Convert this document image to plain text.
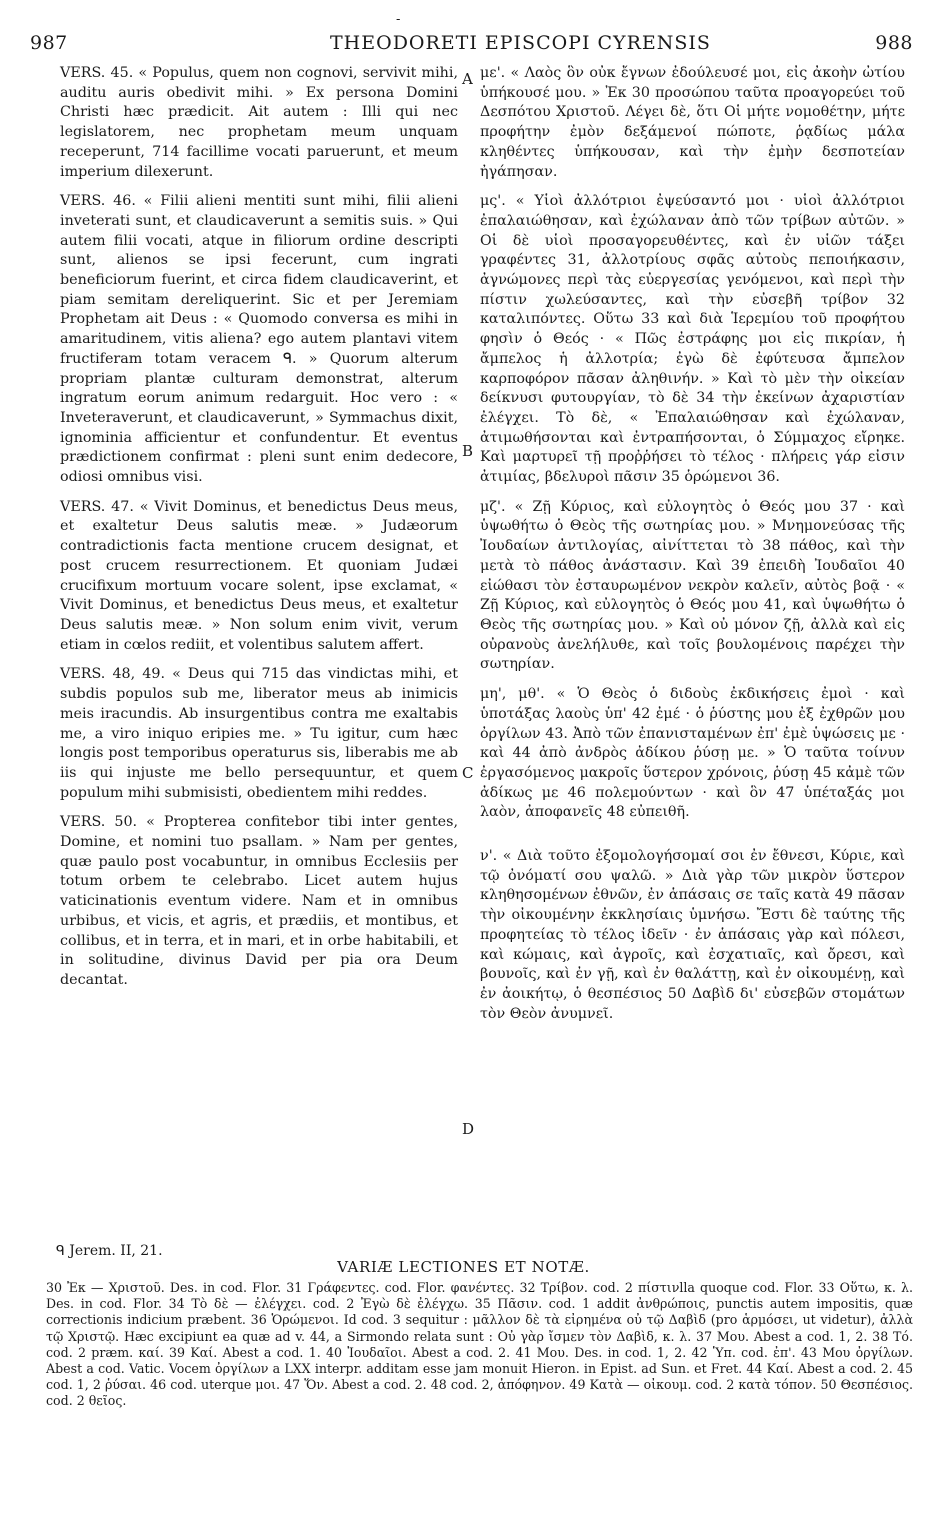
-
987	THEODORETI EPISCOPI CYRENSIS	988

VERS. 45. « Populus, quem non cognovi, servivit mihi, auditu auris obedivit mihi. » Ex persona Domini Christi hæc prædicit. Ait autem : Illi qui nec legislatorem, nec prophetam meum unquam receperunt, 714 facillime vocati paruerunt, et meum imperium dilexerunt.

VERS. 46. « Filii alieni mentiti sunt mihi, filii alieni inveterati sunt, et claudicaverunt a semitis suis. » Qui autem filii vocati, atque in filiorum ordine descripti sunt, alienos se ipsi fecerunt, cum ingrati beneficiorum fuerint, et circa fidem claudicaverint, et piam semitam dereliquerint. Sic et per Jeremiam Prophetam ait Deus : « Quomodo conversa es mihi in amaritudinem, vitis aliena? ego autem plantavi vitem fructiferam totam veracem ᑫ. » Quorum alterum propriam plantæ culturam demonstrat, alterum ingratum eorum animum redarguit. Hoc vero : « Inveteraverunt, et claudicaverunt, » Symmachus dixit, ignominia afficientur et confundentur. Et eventus prædictionem confirmat : pleni sunt enim dedecore, odiosi omnibus visi.

VERS. 47. « Vivit Dominus, et benedictus Deus meus, et exaltetur Deus salutis meæ. » Judæorum contradictionis facta mentione crucem designat, et post crucem resurrectionem. Et quoniam Judæi crucifixum mortuum vocare solent, ipse exclamat, « Vivit Dominus, et benedictus Deus meus, et exaltetur Deus salutis meæ. » Non solum enim vivit, verum etiam in cœlos rediit, et volentibus salutem affert.

VERS. 48, 49. « Deus qui 715 das vindictas mihi, et subdis populos sub me, liberator meus ab inimicis meis iracundis. Ab insurgentibus contra me exaltabis me, a viro iniquo eripies me. » Tu igitur, cum hæc longis post temporibus operaturus sis, liberabis me ab iis qui injuste me bello persequuntur, et quem populum mihi submisisti, obedientem mihi reddes.

VERS. 50. « Propterea confitebor tibi inter gentes, Domine, et nomini tuo psallam. » Nam per gentes, quæ paulo post vocabuntur, in omnibus Ecclesiis per totum orbem te celebrabo. Licet autem hujus vaticinationis eventum videre. Nam et in omnibus urbibus, et vicis, et agris, et prædiis, et montibus, et collibus, et in terra, et in mari, et in orbe habitabili, et in solitudine, divinus David per pia ora Deum decantat.

A
B
C
D

με'. « Λαὸς ὃν οὐκ ἔγνων ἐδούλευσέ μοι, εἰς ἀκοὴν ὠτίου ὑπήκουσέ μου. » Ἐκ 30 προσώπου ταῦτα προαγορεύει τοῦ Δεσπότου Χριστοῦ. Λέγει δὲ, ὅτι Οἱ μήτε νομοθέτην, μήτε προφήτην ἐμὸν δεξάμενοί πώποτε, ῥᾳδίως μάλα κληθέντες ὑπήκουσαν, καὶ τὴν ἐμὴν δεσποτείαν ἠγάπησαν.

μς'. « Υἱοὶ ἀλλότριοι ἐψεύσαντό μοι · υἱοὶ ἀλλότριοι ἐπαλαιώθησαν, καὶ ἐχώλαναν ἀπὸ τῶν τρίβων αὐτῶν. » Οἱ δὲ υἱοὶ προσαγορευθέντες, καὶ ἐν υἱῶν τάξει γραφέντες 31, ἀλλοτρίους σφᾶς αὐτοὺς πεποιήκασιν, ἀγνώμονες περὶ τὰς εὐεργεσίας γενόμενοι, καὶ περὶ τὴν πίστιν χωλεύσαντες, καὶ τὴν εὐσεβῆ τρίβον 32 καταλιπόντες. Οὕτω 33 καὶ διὰ Ἱερεμίου τοῦ προφήτου φησὶν ὁ Θεός · « Πῶς ἐστράφης μοι εἰς πικρίαν, ἡ ἄμπελος ἡ ἀλλοτρία; ἐγὼ δὲ ἐφύτευσα ἄμπελον καρποφόρον πᾶσαν ἀληθινήν. » Καὶ τὸ μὲν τὴν οἰκείαν δείκνυσι φυτουργίαν, τὸ δὲ 34 τὴν ἐκείνων ἀχαριστίαν ἐλέγχει. Τὸ δὲ, « Ἐπαλαιώθησαν καὶ ἐχώλαναν, ἀτιμωθήσονται καὶ ἐντραπήσονται, ὁ Σύμμαχος εἴρηκε. Καὶ μαρτυρεῖ τῇ προῤῥήσει τὸ τέλος · πλήρεις γάρ εἰσιν ἀτιμίας, βδελυροὶ πᾶσιν 35 ὁρώμενοι 36.

μζ'. « Ζῇ Κύριος, καὶ εὐλογητὸς ὁ Θεός μου 37 · καὶ ὑψωθήτω ὁ Θεὸς τῆς σωτηρίας μου. » Μνημονεύσας τῆς Ἰουδαίων ἀντιλογίας, αἰνίττεται τὸ 38 πάθος, καὶ τὴν μετὰ τὸ πάθος ἀνάστασιν. Καὶ 39 ἐπειδὴ Ἰουδαῖοι 40 εἰώθασι τὸν ἐσταυρωμένον νεκρὸν καλεῖν, αὐτὸς βοᾷ · « Ζῇ Κύριος, καὶ εὐλογητὸς ὁ Θεός μου 41, καὶ ὑψωθήτω ὁ Θεὸς τῆς σωτηρίας μου. » Καὶ οὐ μόνον ζῇ, ἀλλὰ καὶ εἰς οὐρανοὺς ἀνελήλυθε, καὶ τοῖς βουλομένοις παρέχει τὴν σωτηρίαν.

μη', μθ'. « Ὁ Θεὸς ὁ διδοὺς ἐκδικήσεις ἐμοὶ · καὶ ὑποτάξας λαοὺς ὑπ' 42 ἐμέ · ὁ ῥύστης μου ἐξ ἐχθρῶν μου ὀργίλων 43. Ἀπὸ τῶν ἐπανισταμένων ἐπ' ἐμὲ ὑψώσεις με · καὶ 44 ἀπὸ ἀνδρὸς ἀδίκου ῥύσῃ με. » Ὁ ταῦτα τοίνυν ἐργασόμενος μακροῖς ὕστερον χρόνοις, ῥύσῃ 45 κἀμὲ τῶν ἀδίκως με 46 πολεμούντων · καὶ ὃν 47 ὑπέταξάς μοι λαὸν, ἀποφανεῖς 48 εὐπειθῆ.

ν'. « Διὰ τοῦτο ἐξομολογήσομαί σοι ἐν ἔθνεσι, Κύριε, καὶ τῷ ὀνόματί σου ψαλῶ. » Διὰ γὰρ τῶν μικρὸν ὕστερον κληθησομένων ἐθνῶν, ἐν ἁπάσαις σε ταῖς κατὰ 49 πᾶσαν τὴν οἰκουμένην ἐκκλησίαις ὑμνήσω. Ἔστι δὲ ταύτης τῆς προφητείας τὸ τέλος ἰδεῖν · ἐν ἁπάσαις γὰρ καὶ πόλεσι, καὶ κώμαις, καὶ ἀγροῖς, καὶ ἐσχατιαῖς, καὶ ὄρεσι, καὶ βουνοῖς, καὶ ἐν γῇ, καὶ ἐν θαλάττῃ, καὶ ἐν οἰκουμένῃ, καὶ ἐν ἀοικήτῳ, ὁ θεσπέσιος 50 Δαβὶδ δι' εὐσεβῶν στομάτων τὸν Θεὸν ἀνυμνεῖ.

ᑫ Jerem. II, 21.
VARIÆ LECTIONES ET NOTÆ.

30 Ἐκ — Χριστοῦ. Des. in cod. Flor. 31 Γράφεντες. cod. Flor. φανέντες. 32 Τρίβον. cod. 2 πίστινlla quoque cod. Flor. 33 Οὕτω, κ. λ. Des. in cod. Flor. 34 Τὸ δὲ — ἐλέγχει. cod. 2 Ἐγὼ δὲ ἐλέγχω. 35 Πᾶσιν. cod. 1 addit ἀνθρώποις, punctis autem impositis, quæ correctionis indicium præbent. 36 Ὁρώμενοι. Id cod. 3 sequitur : μᾶλλον δὲ τὰ εἰρημένα οὐ τῷ Δαβὶδ (pro ἁρμόσει, ut videtur), ἀλλὰ τῷ Χριστῷ. Hæc excipiunt ea quæ ad v. 44, a Sirmondo relata sunt : Οὐ γὰρ ἴσμεν τὸν Δαβὶδ, κ. λ. 37 Μου. Abest a cod. 1, 2. 38 Τό. cod. 2 præm. καί. 39 Καί. Abest a cod. 1. 40 Ἰουδαῖοι. Abest a cod. 2. 41 Μου. Des. in cod. 1, 2. 42 Ὑπ. cod. ἐπ'. 43 Μου ὀργίλων. Abest a cod. Vatic. Vocem ὀργίλων a LXX interpr. additam esse jam monuit Hieron. in Epist. ad Sun. et Fret. 44 Καί. Abest a cod. 2. 45 cod. 1, 2 ῥύσαι. 46 cod. uterque μοι. 47 Ὅν. Abest a cod. 2. 48 cod. 2, ἀπόφηνον. 49 Κατὰ — οἰκουμ. cod. 2 κατὰ τόπον. 50 Θεσπέσιος. cod. 2 θεῖος.
